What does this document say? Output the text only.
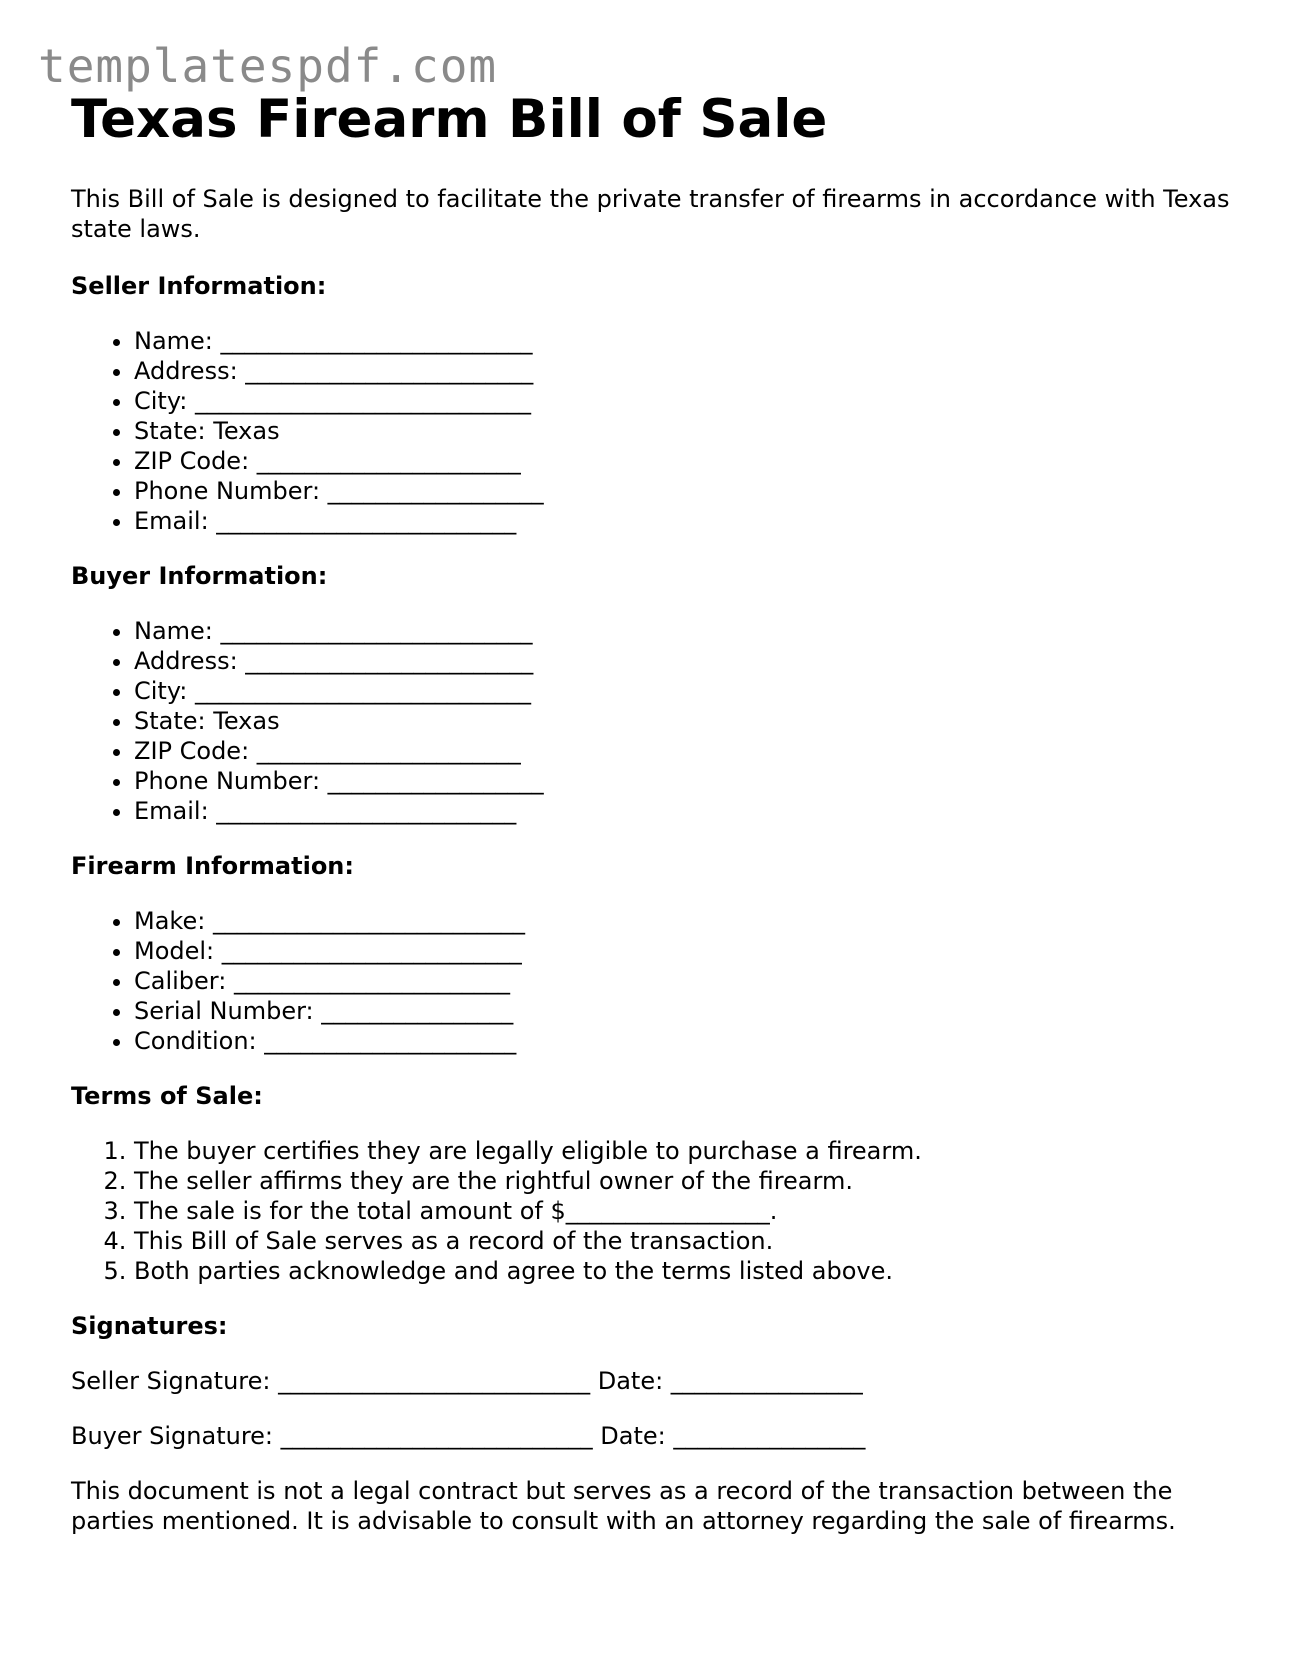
templatespdf.com
Texas Firearm Bill of Sale

This Bill of Sale is designed to facilitate the private transfer of firearms in accordance with Texas state laws.

Seller Information:
• Name: __________________________
• Address: ________________________
• City: ____________________________
• State: Texas
• ZIP Code: ______________________
• Phone Number: __________________
• Email: _________________________
Buyer Information:
• Name: __________________________
• Address: ________________________
• City: ____________________________
• State: Texas
• ZIP Code: ______________________
• Phone Number: __________________
• Email: _________________________
Firearm Information:
• Make: __________________________
• Model: _________________________
• Caliber: _______________________
• Serial Number: ________________
• Condition: _____________________
Terms of Sale:
1. The buyer certifies they are legally eligible to purchase a firearm.
2. The seller affirms they are the rightful owner of the firearm.
3. The sale is for the total amount of $_________________.
4. This Bill of Sale serves as a record of the transaction.
5. Both parties acknowledge and agree to the terms listed above.
Signatures:

Seller Signature: __________________________ Date: ________________

Buyer Signature: __________________________ Date: ________________

This document is not a legal contract but serves as a record of the transaction between the parties mentioned. It is advisable to consult with an attorney regarding the sale of firearms.
